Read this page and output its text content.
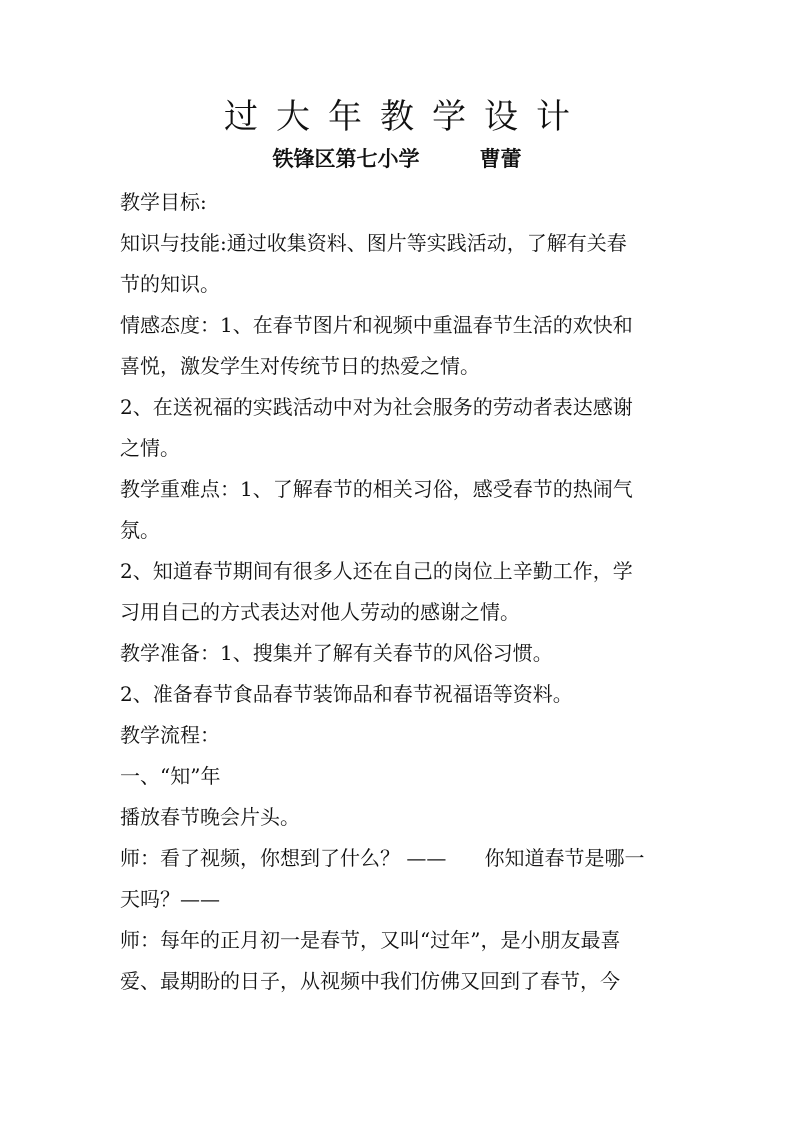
过大年教学设计
铁锋区第七小学	曹蕾
教学目标:
知识与技能:通过收集资料、图片等实践活动，了解有关春
节的知识。
情感态度：1、在春节图片和视频中重温春节生活的欢快和
喜悦，激发学生对传统节日的热爱之情。
2、在送祝福的实践活动中对为社会服务的劳动者表达感谢
之情。
教学重难点：1、了解春节的相关习俗，感受春节的热闹气
氛。
2、知道春节期间有很多人还在自己的岗位上辛勤工作，学
习用自己的方式表达对他人劳动的感谢之情。
教学准备：1、搜集并了解有关春节的风俗习惯。
2、准备春节食品春节装饰品和春节祝福语等资料。
教学流程：
一、“知”年
播放春节晚会片头。
师：看了视频，你想到了什么？ ——      你知道春节是哪一
天吗？——
师：每年的正月初一是春节，又叫“过年”，是小朋友最喜
爱、最期盼的日子，从视频中我们仿佛又回到了春节，今
